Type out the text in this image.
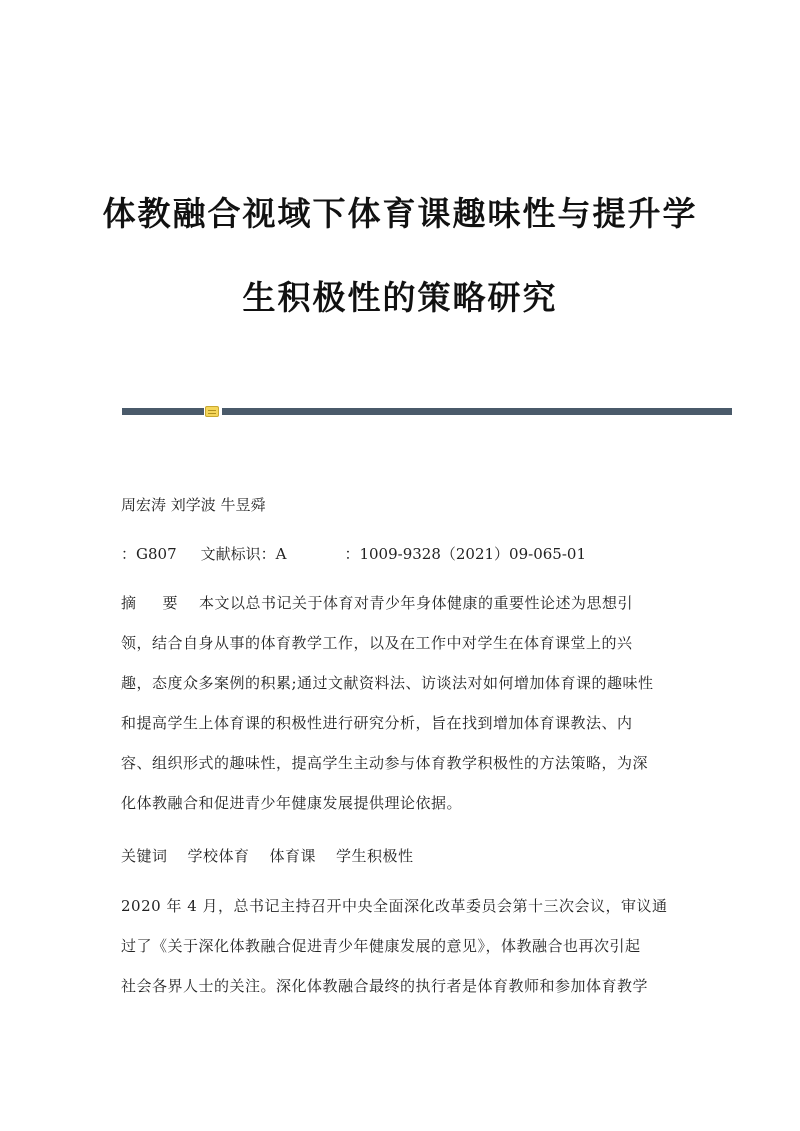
体教融合视域下体育课趣味性与提升学
生积极性的策略研究

周宏涛 刘学波 牛昱舜

：G807 文献标识：A	：1009-9328（2021）09-065-01

摘 要 本文以总书记关于体育对青少年身体健康的重要性论述为思想引
领，结合自身从事的体育教学工作，以及在工作中对学生在体育课堂上的兴
趣，态度众多案例的积累;通过文献资料法、访谈法对如何增加体育课的趣味性
和提高学生上体育课的积极性进行研究分析，旨在找到增加体育课教法、内
容、组织形式的趣味性，提高学生主动参与体育教学积极性的方法策略，为深
化体教融合和促进青少年健康发展提供理论依据。
关键词 学校体育 体育课 学生积极性
2020 年 4 月，总书记主持召开中央全面深化改革委员会第十三次会议，审议通
过了《关于深化体教融合促进青少年健康发展的意见》，体教融合也再次引起
社会各界人士的关注。深化体教融合最终的执行者是体育教师和参加体育教学
